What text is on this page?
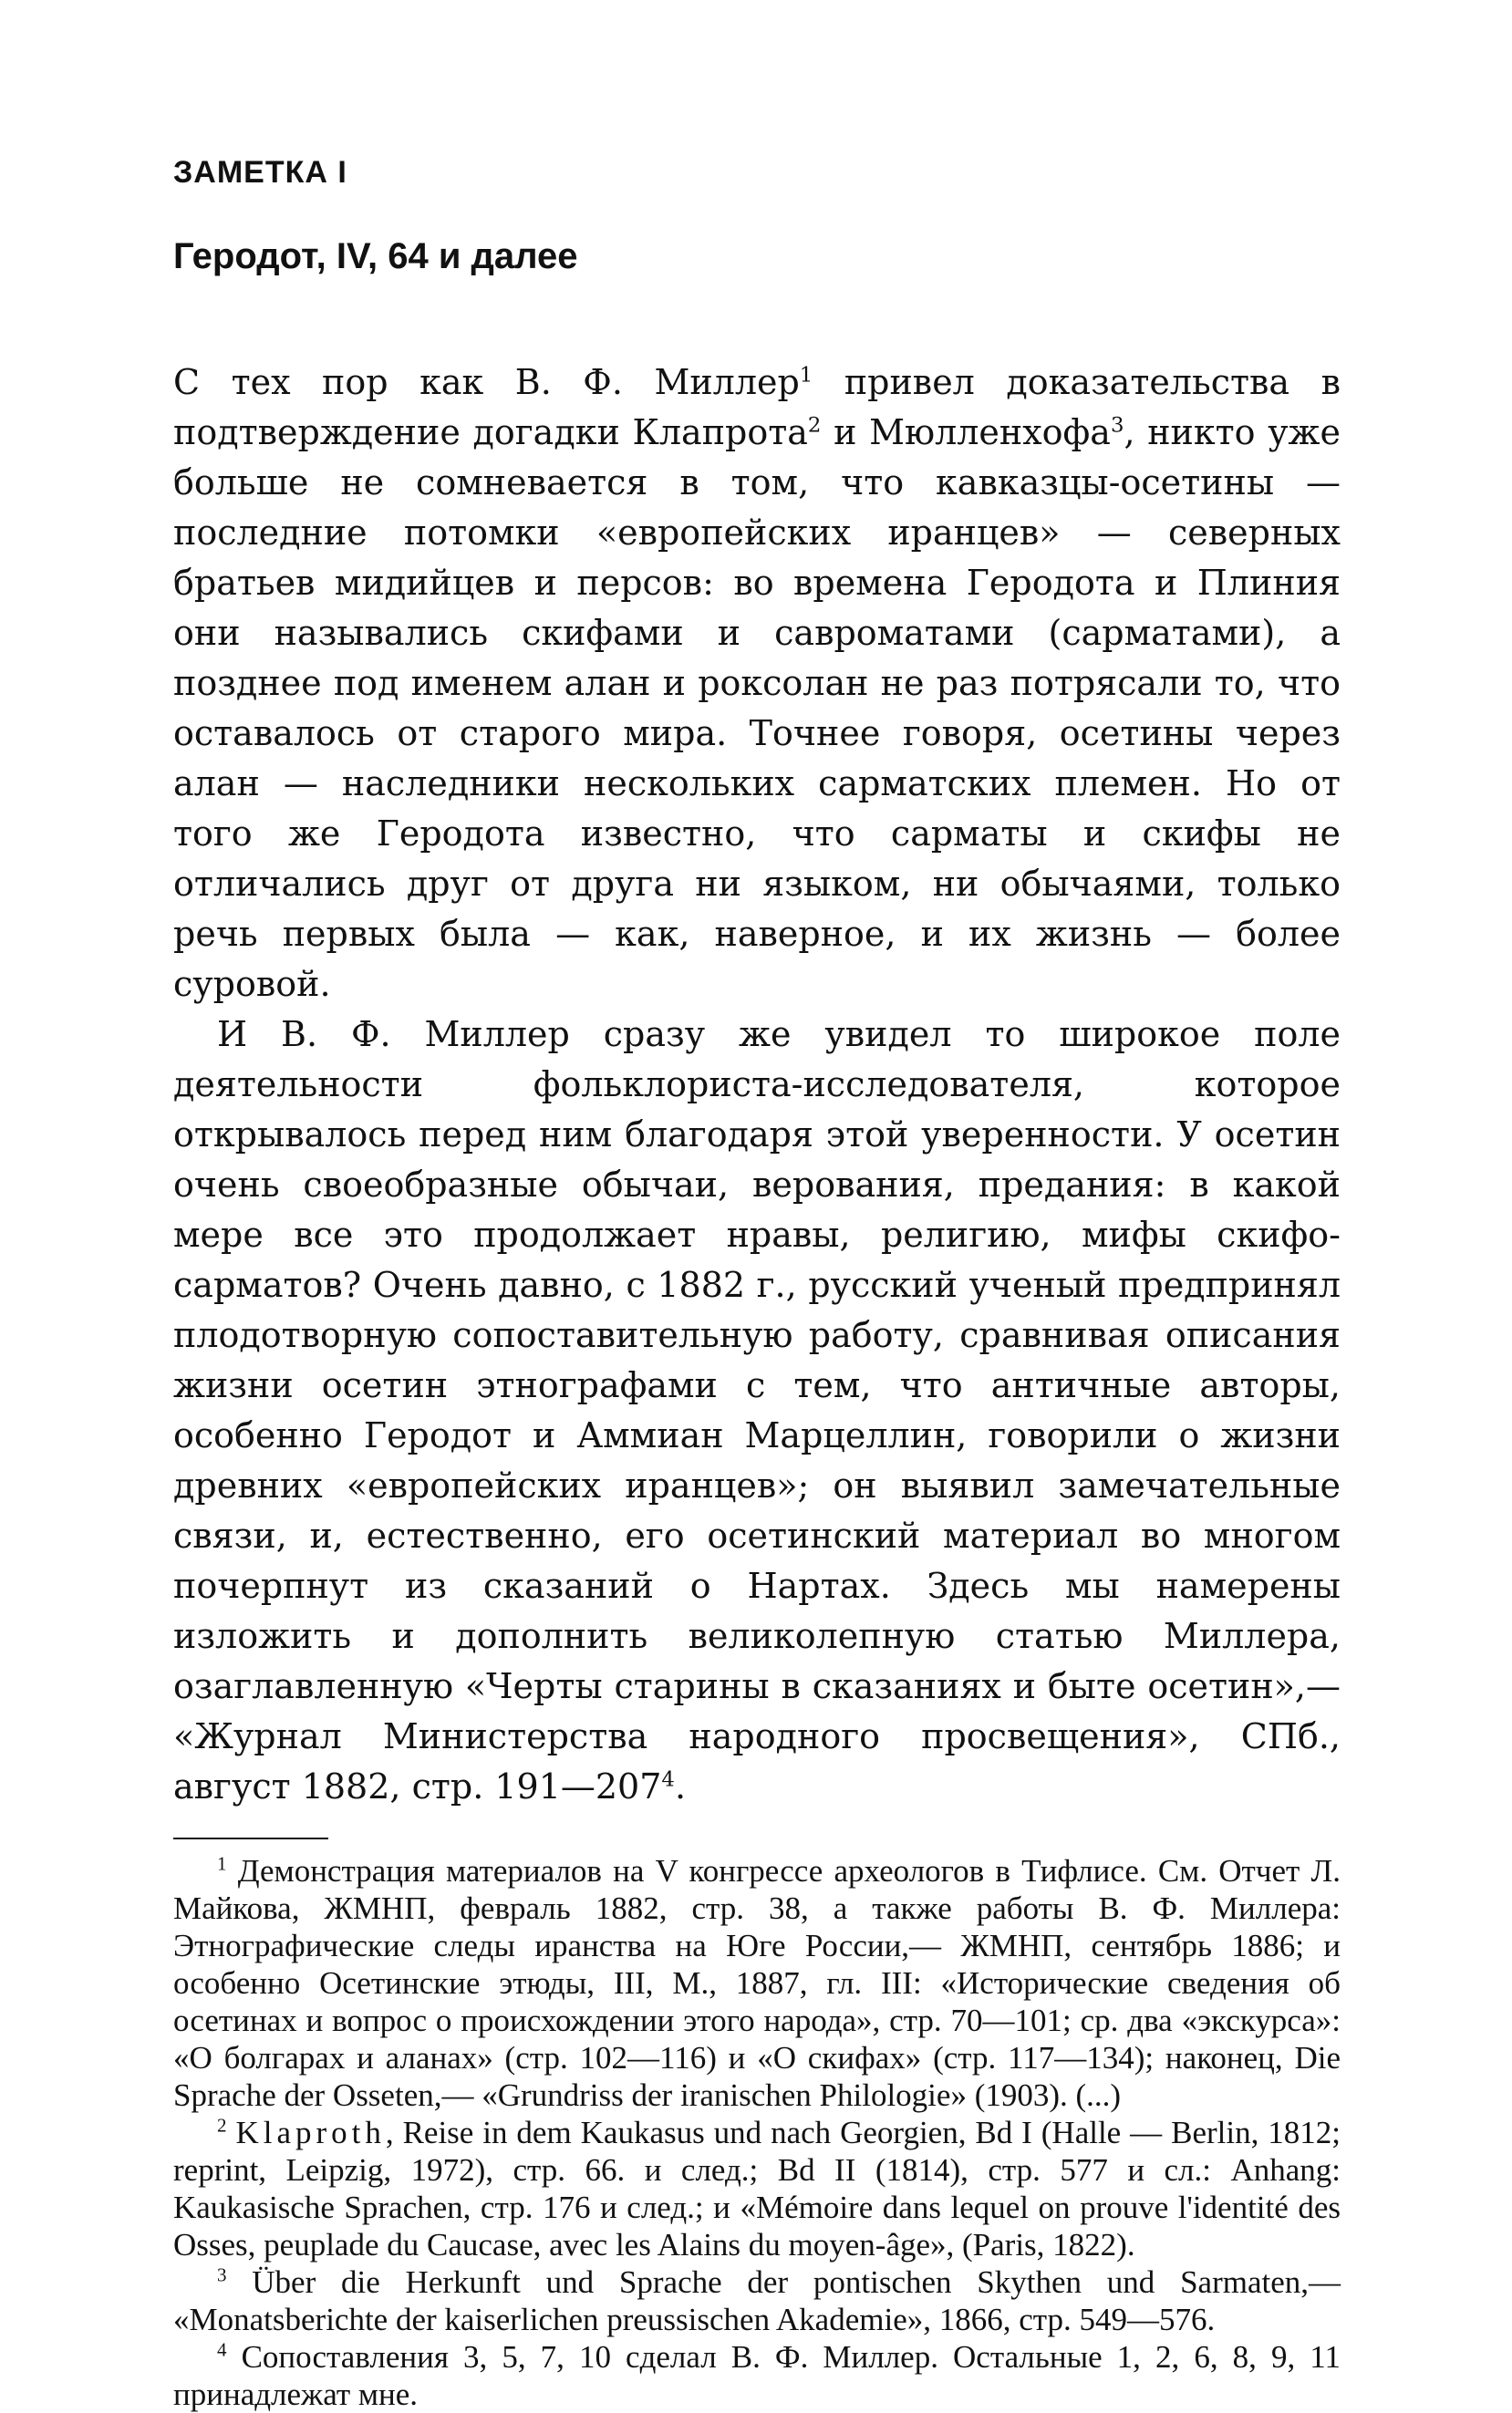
ЗАМЕТКА I
Геродот, IV, 64 и далее

С тех пор как В. Ф. Миллер$^1$ привел доказательства в подтверждение догадки Клапрота$^2$ и Мюлленхофа$^3$, никто уже больше не сомневается в том, что кавказцы-осетины — последние потомки «европейских иранцев» — северных братьев мидийцев и персов: во времена Геродота и Плиния они назывались скифами и савроматами (сарматами), а позднее под именем алан и роксолан не раз потрясали то, что оставалось от старого мира. Точнее говоря, осетины через алан — наследники нескольких сарматских племен. Но от того же Геродота известно, что сарматы и скифы не отличались друг от друга ни языком, ни обычаями, только речь первых была — как, наверное, и их жизнь — более суровой.

И В. Ф. Миллер сразу же увидел то широкое поле деятельности фольклориста-исследователя, которое открывалось перед ним благодаря этой уверенности. У осетин очень своеобразные обычаи, верования, предания: в какой мере все это продолжает нравы, религию, мифы скифо-сарматов? Очень давно, с 1882 г., русский ученый предпринял плодотворную сопоставительную работу, сравнивая описания жизни осетин этнографами с тем, что античные авторы, особенно Геродот и Аммиан Марцеллин, говорили о жизни древних «европейских иранцев»; он выявил замечательные связи, и, естественно, его осетинский материал во многом почерпнут из сказаний о Нартах. Здесь мы намерены изложить и дополнить великолепную статью Миллера, озаглавленную «Черты старины в сказаниях и быте осетин»,— «Журнал Министерства народного просвещения», СПб., август 1882, стр. $191—207^4$.

$^1$ Демонстрация материалов на V конгрессе археологов в Тифлисе. См. Отчет Л. Майкова, ЖМНП, февраль 1882, стр. 38, а также работы В. Ф. Миллера: Этнографические следы иранства на Юге России,— ЖМНП, сентябрь 1886; и особенно Осетинские этюды, III, М., 1887, гл. III: «Исторические сведения об осетинах и вопрос о происхождении этого народа», стр. 70—101; ср. два «экскурса»: «О болгарах и аланах» (стр. 102—116) и «О скифах» (стр. 117—134); наконец, Die Sprache der Osseten,— «Grundriss der iranischen Philologie» (1903). (...)

$^2$ Klaproth, Reise in dem Kaukasus und nach Georgien, Bd I (Halle — Berlin, 1812; reprint, Leipzig, 1972), стр. 66. и след.; Bd II (1814), стр. 577 и сл.: Anhang: Kaukasische Sprachen, стр. 176 и след.; и «Mémoire dans lequel on prouve l'identité des Osses, peuplade du Caucase, avec les Alains du moyen-âge», (Paris, 1822).

$^3$ Über die Herkunft und Sprache der pontischen Skythen und Sarmaten,— «Monatsberichte der kaiserlichen preussischen Akademie», 1866, стр. 549—576.

$^4$ Сопоставления 3, 5, 7, 10 сделал В. Ф. Миллер. Остальные 1, 2, 6, 8, 9, 11 принадлежат мне.
